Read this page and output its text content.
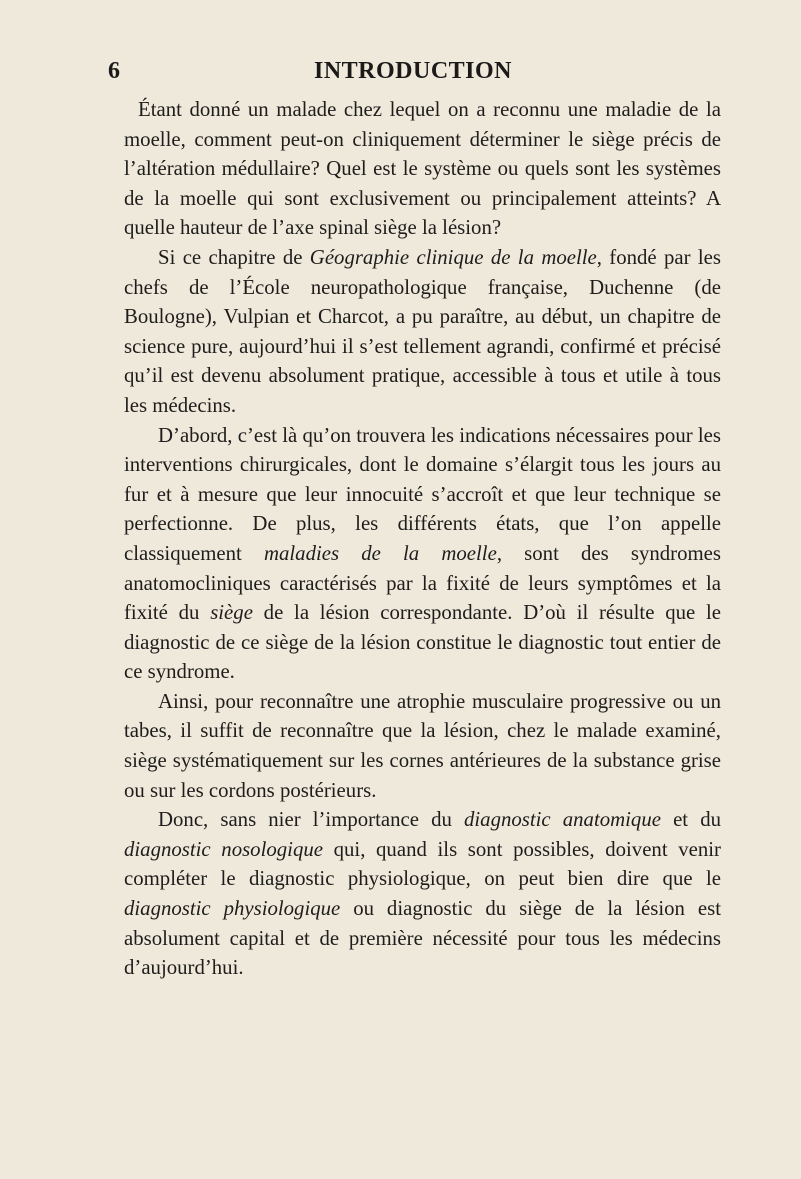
6	INTRODUCTION

Étant donné un malade chez lequel on a reconnu une maladie de la moelle, comment peut-on cliniquement déterminer le siège précis de l’altération médullaire? Quel est le système ou quels sont les systèmes de la moelle qui sont exclusivement ou principalement atteints? A quelle hauteur de l’axe spinal siège la lésion?

Si ce chapitre de Géographie clinique de la moelle, fondé par les chefs de l’École neuropathologique française, Duchenne (de Boulogne), Vulpian et Charcot, a pu paraître, au début, un chapitre de science pure, aujourd’hui il s’est tellement agrandi, confirmé et précisé qu’il est devenu absolument pratique, accessible à tous et utile à tous les médecins.

D’abord, c’est là qu’on trouvera les indications nécessaires pour les interventions chirurgicales, dont le domaine s’élargit tous les jours au fur et à mesure que leur innocuité s’accroît et que leur technique se perfectionne. De plus, les différents états, que l’on appelle classiquement maladies de la moelle, sont des syndromes anatomocliniques caractérisés par la fixité de leurs symptômes et la fixité du siège de la lésion correspondante. D’où il résulte que le diagnostic de ce siège de la lésion constitue le diagnostic tout entier de ce syndrome.

Ainsi, pour reconnaître une atrophie musculaire progressive ou un tabes, il suffit de reconnaître que la lésion, chez le malade examiné, siège systématiquement sur les cornes antérieures de la substance grise ou sur les cordons postérieurs.

Donc, sans nier l’importance du diagnostic anatomique et du diagnostic nosologique qui, quand ils sont possibles, doivent venir compléter le diagnostic physiologique, on peut bien dire que le diagnostic physiologique ou diagnostic du siège de la lésion est absolument capital et de première nécessité pour tous les médecins d’aujourd’hui.
